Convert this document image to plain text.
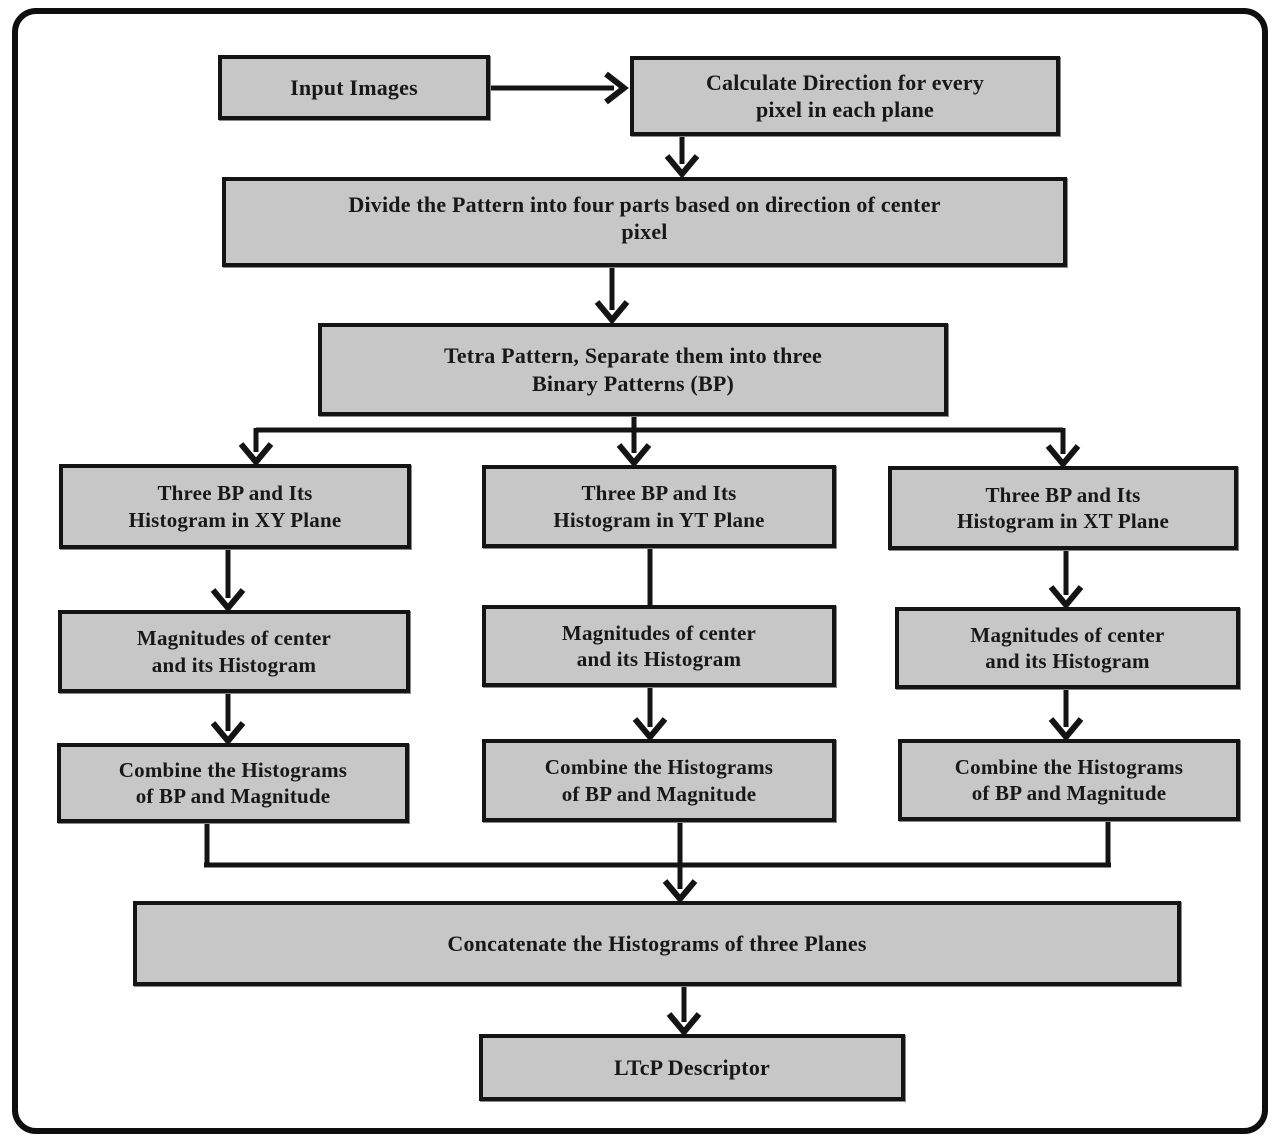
Input Images	Calculate Direction for every
pixel in each plane
Divide the Pattern into four parts based on direction of center
pixel
Tetra Pattern, Separate them into three
Binary Patterns (BP)
Three BP and Its
Histogram in XY Plane
Three BP and Its
Histogram in YT Plane
Three BP and Its
Histogram in XT Plane
Magnitudes of center
and its Histogram
Magnitudes of center
and its Histogram
Magnitudes of center
and its Histogram
Combine the Histograms
of BP and Magnitude
Combine the Histograms
of BP and Magnitude
Combine the Histograms
of BP and Magnitude
Concatenate the Histograms of three Planes
LTcP Descriptor
